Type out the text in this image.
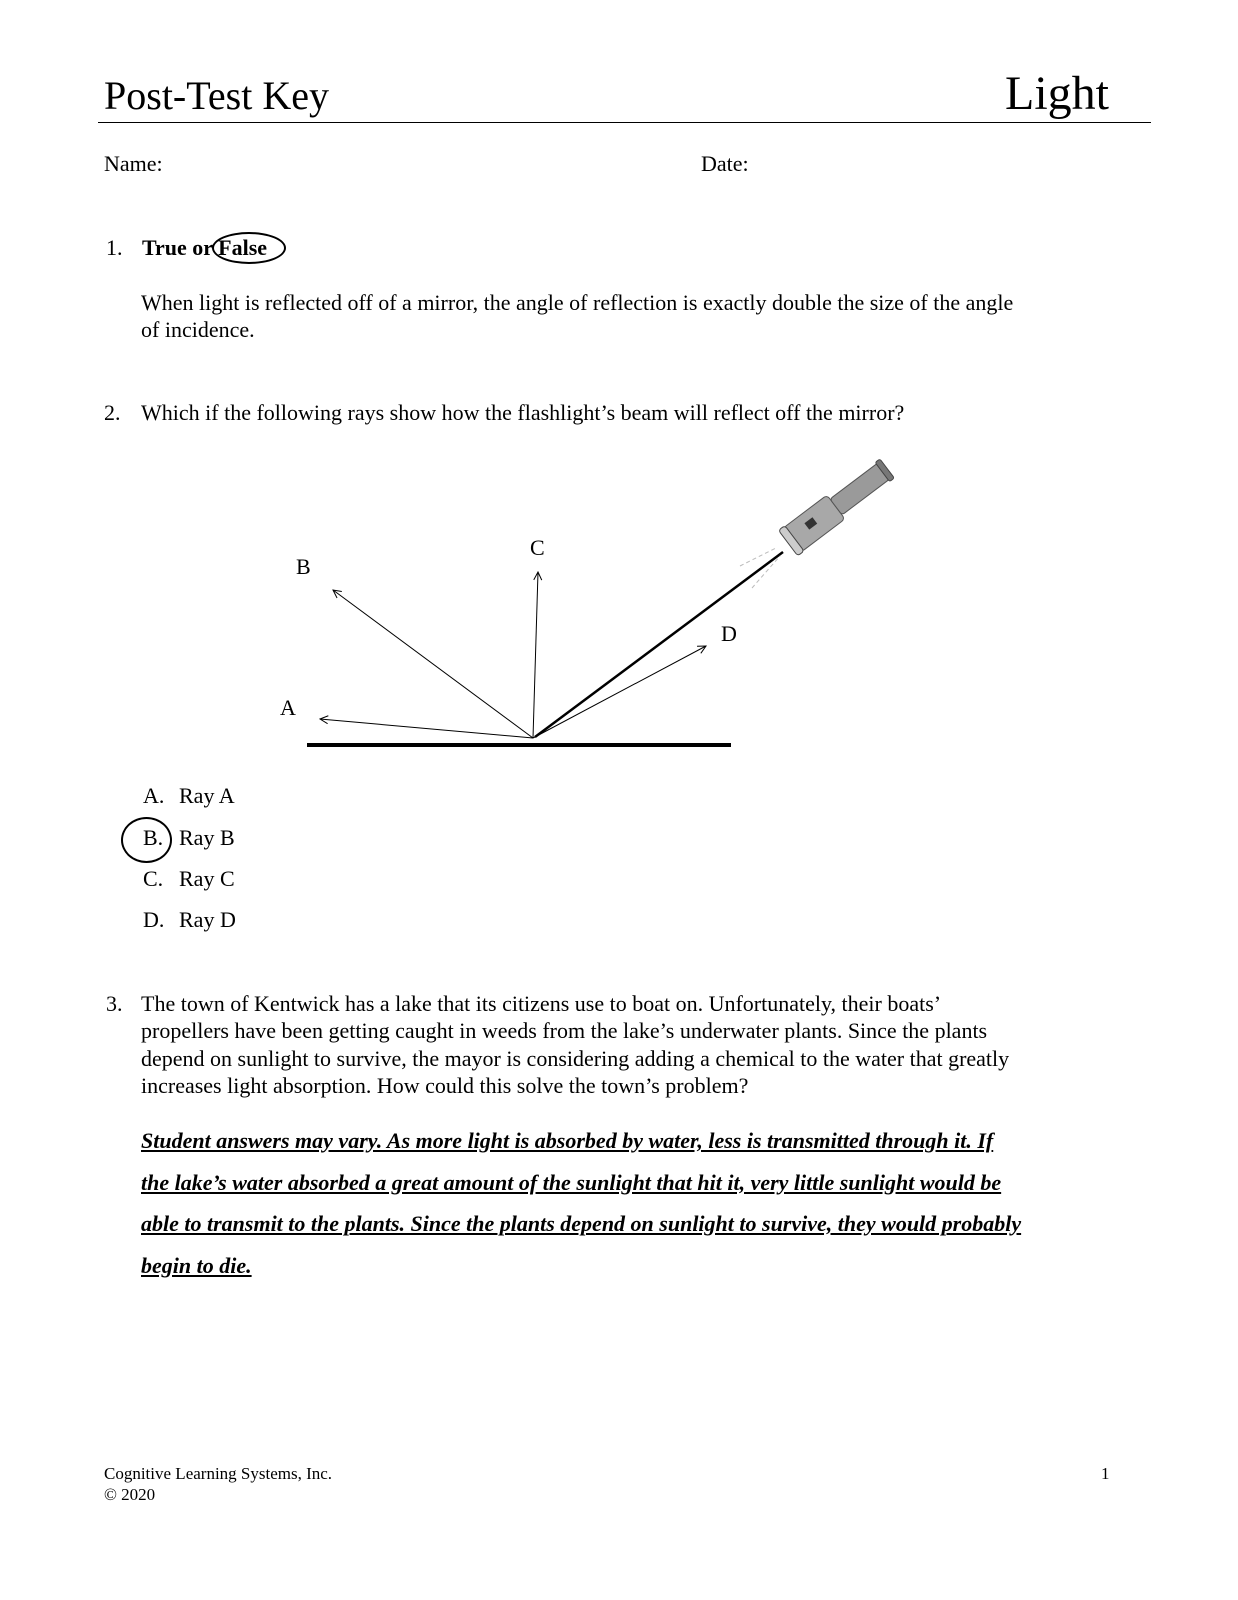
Post-Test Key	Light
Name:	Date:
1. True or False
When light is reflected off of a mirror, the angle of reflection is exactly double the size of the angle
of incidence.
2. Which if the following rays show how the flashlight’s beam will reflect off the mirror?
B
C
D
A
A. Ray A
B. Ray B
C. Ray C
D. Ray D
3. The town of Kentwick has a lake that its citizens use to boat on. Unfortunately, their boats’
propellers have been getting caught in weeds from the lake’s underwater plants. Since the plants
depend on sunlight to survive, the mayor is considering adding a chemical to the water that greatly
increases light absorption. How could this solve the town’s problem?
Student answers may vary. As more light is absorbed by water, less is transmitted through it. If
the lake’s water absorbed a great amount of the sunlight that hit it, very little sunlight would be
able to transmit to the plants. Since the plants depend on sunlight to survive, they would probably
begin to die.
Cognitive Learning Systems, Inc.
© 2020
1
